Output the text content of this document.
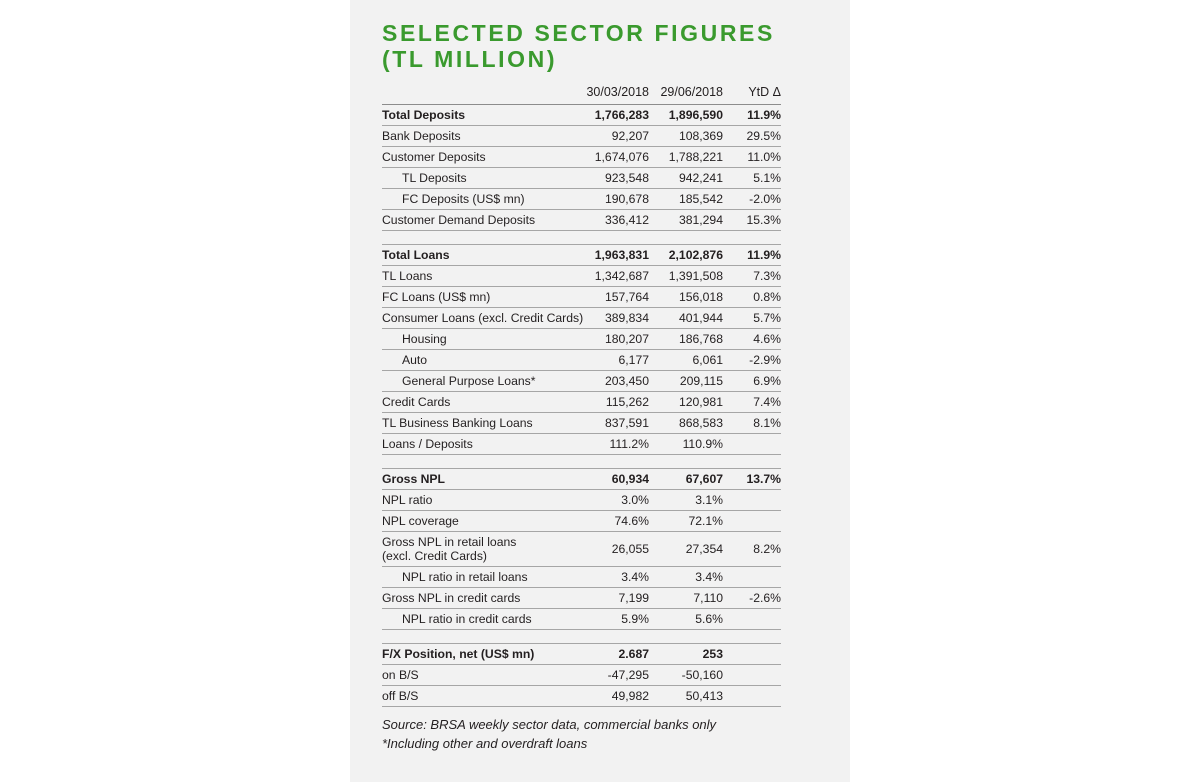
SELECTED SECTOR FIGURES
(TL MILLION)
30/03/2018 29/06/2018 YtD Δ
Total Deposits	1,766,283 1,896,590 11.9%
Bank Deposits	92,207 108,369 29.5%
Customer Deposits	1,674,076 1,788,221 11.0%
TL Deposits	923,548 942,241 5.1%
FC Deposits (US$ mn)	190,678 185,542 -2.0%
Customer Demand Deposits	336,412 381,294 15.3%
Total Loans	1,963,831 2,102,876 11.9%
TL Loans	1,342,687 1,391,508 7.3%
FC Loans (US$ mn)	157,764 156,018 0.8%
Consumer Loans (excl. Credit Cards) 389,834 401,944 5.7%
Housing	180,207 186,768 4.6%
Auto	6,177	6,061 -2.9%
General Purpose Loans*	203,450	209,115 6.9%
Credit Cards	115,262 120,981 7.4%
TL Business Banking Loans	837,591 868,583 8.1%
Loans / Deposits	111.2%	110.9%
Gross NPL	60,934	67,607 13.7%
NPL ratio	3.0%	3.1%
NPL coverage	74.6%	72.1%
Gross NPL in retail loans
(excl. Credit Cards)	26,055	27,354 8.2%
NPL ratio in retail loans	3.4%	3.4%
Gross NPL in credit cards	7,199	7,110 -2.6%
NPL ratio in credit cards	5.9%	5.6%
F/X Position, net (US$ mn)	2.687	253
on B/S	-47,295	-50,160
off B/S	49,982	50,413
Source: BRSA weekly sector data, commercial banks only
*Including other and overdraft loans
